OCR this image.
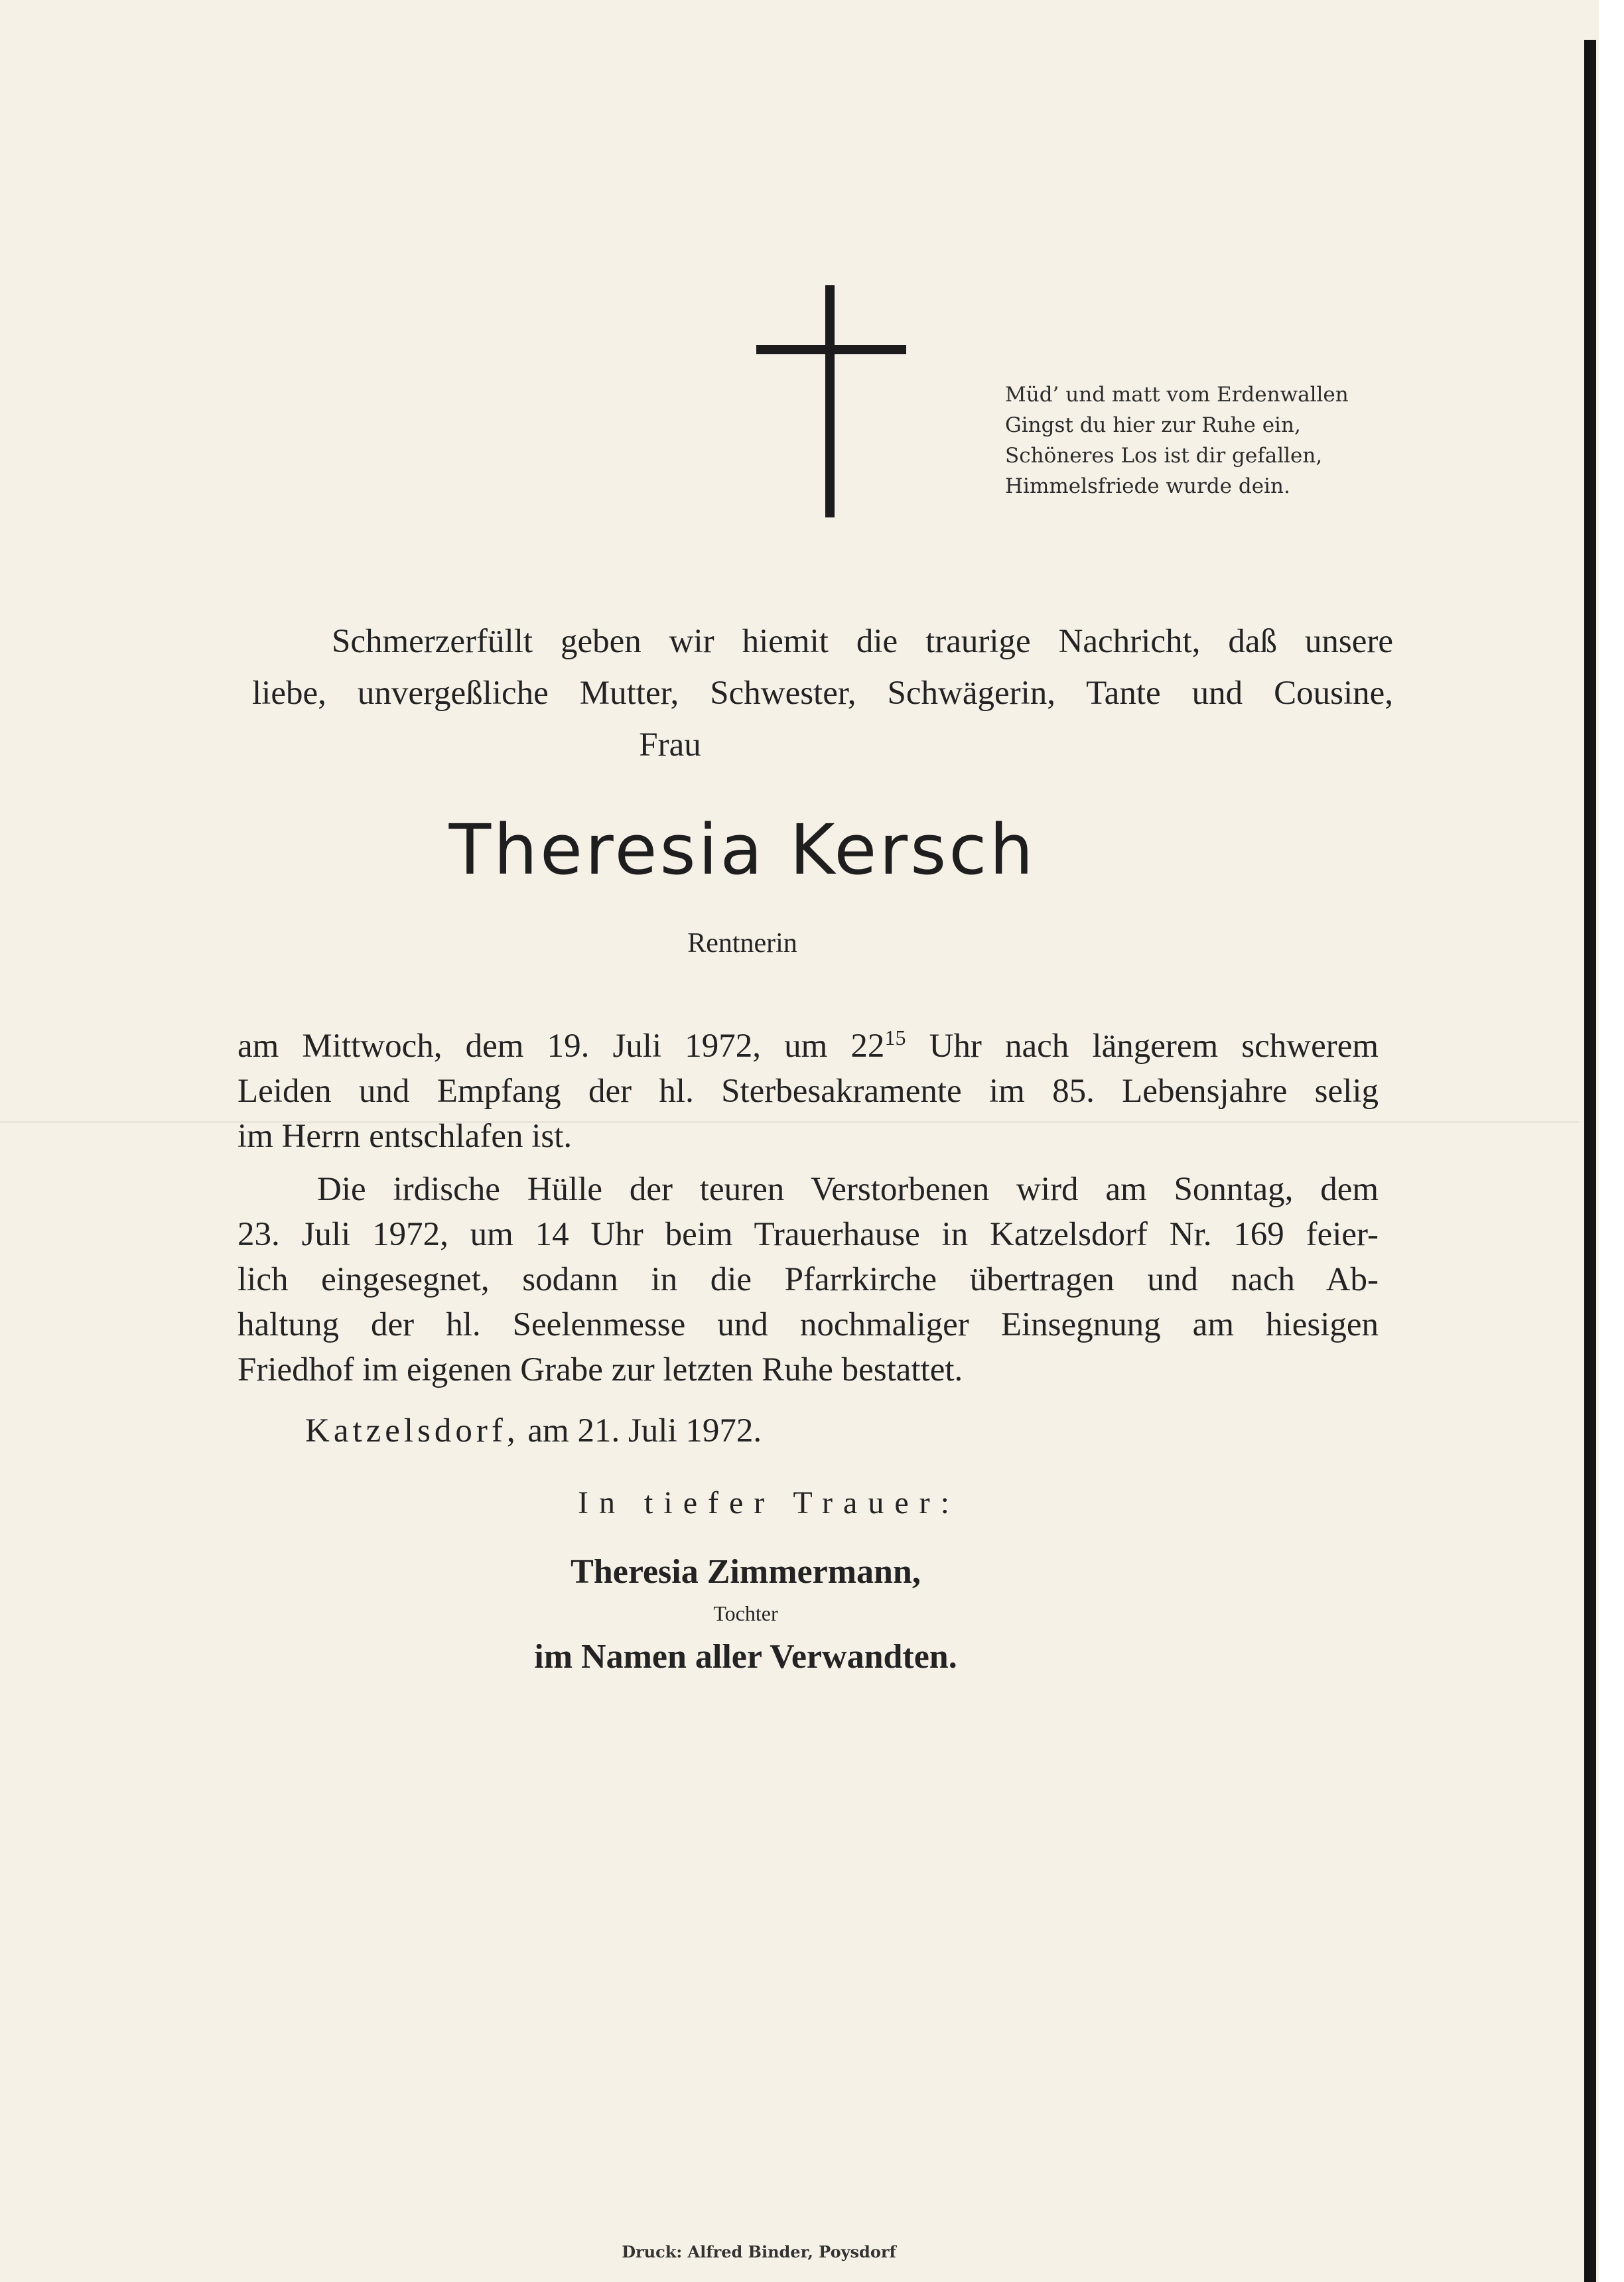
Müd’ und matt vom Erdenwallen
Gingst du hier zur Ruhe ein,
Schöneres Los ist dir gefallen,
Himmelsfriede wurde dein.
Schmerzerfüllt geben wir hiemit die traurige Nachricht, daß unsere
liebe, unvergeßliche Mutter, Schwester, Schwägerin, Tante und Cousine,
Frau
Theresia Kersch
Rentnerin
am Mittwoch, dem 19. Juli 1972, um $22^{15}$ Uhr nach längerem schwerem
Leiden und Empfang der hl. Sterbesakramente im 85. Lebensjahre selig
im Herrn entschlafen ist.
Die irdische Hülle der teuren Verstorbenen wird am Sonntag, dem
23. Juli 1972, um 14 Uhr beim Trauerhause in Katzelsdorf Nr. 169 feier-
lich eingesegnet, sodann in die Pfarrkirche übertragen und nach Ab-
haltung der hl. Seelenmesse und nochmaliger Einsegnung am hiesigen
Friedhof im eigenen Grabe zur letzten Ruhe bestattet.
Katzelsdorf, am 21. Juli 1972.
In tiefer Trauer:
Theresia Zimmermann,
Tochter
im Namen aller Verwandten.
Druck: Alfred Binder, Poysdorf
